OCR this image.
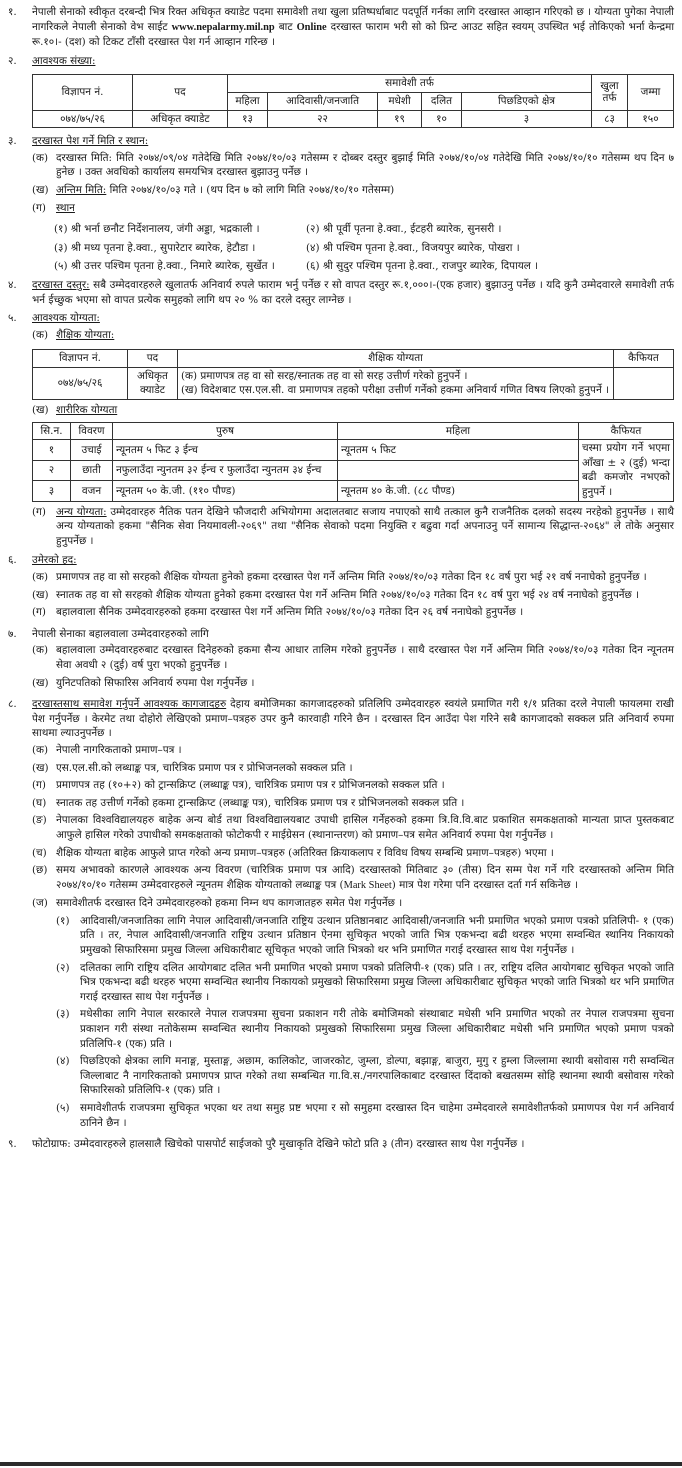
१.	नेपाली सेनाको स्वीकृत दरबन्दी भित्र रिक्त अधिकृत क्याडेट पदमा समावेशी तथा खुला प्रतिष्पर्धाबाट पदपूर्ति गर्नका लागि दरखास्त आव्हान गरिएको छ । योग्यता पुगेका नेपाली नागरिकले नेपाली सेनाको वेभ साईट www.nepalarmy.mil.np बाट Online दरखास्त फाराम भरी सो को प्रिन्ट आउट सहित स्वयम् उपस्थित भई तोकिएको भर्ना केन्द्रमा रू.१०।- (दश) को टिकट टाँसी दरखास्त पेश गर्न आव्हान गरिन्छ ।
२.	आवश्यक संख्या:
विज्ञापन नं.	पद	समावेशी तर्फ					खुला तर्फ	जम्मा
		महिला	आदिवासी/जनजाति	मधेशी	दलित	पिछडिएको क्षेत्र		
०७४/७५/२६	अधिकृत क्याडेट	१३	२२	१९	१०	३	८३	१५०
३.	दरखास्त पेश गर्ने मिति र स्थान:
(क) दरखास्त मिति: मिति २०७४/०९/०४ गतेदेखि मिति २०७४/१०/०३ गतेसम्म र दोब्बर दस्तुर बुझाई मिति २०७४/१०/०४ गतेदेखि मिति २०७४/१०/१० गतेसम्म थप दिन ७ हुनेछ । उक्त अवधिको कार्यालय समयभित्र दरखास्त बुझाउनु पर्नेछ ।
(ख) अन्तिम मिति: मिति २०७४/१०/०३ गते । (थप दिन ७ को लागि मिति २०७४/१०/१० गतेसम्म)
(ग) स्थान
(१) श्री भर्ना छनौट निर्देशनालय, जंगी अड्डा, भद्रकाली ।	(२) श्री पूर्वी पृतना हे.क्वा., ईटहरी ब्यारेक, सुनसरी ।
(३) श्री मध्य पृतना हे.क्वा., सुपारेटार ब्यारेक, हेटौडा ।	(४) श्री पश्चिम पृतना हे.क्वा., विजयपुर ब्यारेक, पोखरा ।
(५) श्री उत्तर पश्चिम पृतना हे.क्वा., निमारे ब्यारेक, सुर्खेत ।	(६) श्री सुदुर पश्चिम पृतना हे.क्वा., राजपुर ब्यारेक, दिपायल ।
४.	दरखास्त दस्तुर: सबै उम्मेदवारहरुले खुलातर्फ अनिवार्य रुपले फाराम भर्नु पर्नेछ र सो वापत दस्तुर रू.१,०००।-(एक हजार) बुझाउनु पर्नेछ । यदि कुनै उम्मेदवारले समावेशी तर्फ भर्न ईच्छुक भएमा सो वापत प्रत्येक समुहको लागि थप २० % का दरले दस्तुर लाग्नेछ ।
५.	आवश्यक योग्यता:
(क) शैक्षिक योग्यता:
विज्ञापन नं.	पद	शैक्षिक योग्यता	कैफियत
०७४/७५/२६	अधिकृत क्याडेट	(क) प्रमाणपत्र तह वा सो सरह/स्नातक तह वा सो सरह उत्तीर्ण गरेको हुनुपर्ने ।
(ख) विदेशबाट एस.एल.सी. वा प्रमाणपत्र तहको परीक्षा उत्तीर्ण गर्नेको हकमा अनिवार्य गणित विषय लिएको हुनुपर्ने ।	

(ख) शारीरिक योग्यता
सि.न.	विवरण	पुरुष	महिला	कैफियत
१	उचाई	न्यूनतम ५ फिट ३ ईन्च	न्यूनतम ५ फिट	चस्मा प्रयोग गर्ने भएमा आँखा ± २ (दुई) भन्दा बढी कमजोर नभएको हुनुपर्ने ।
२	छाती	नफुलाउँदा न्युनतम ३२ ईन्च र फुलाउँदा न्युनतम ३४ ईन्च		
३	वजन	न्यूनतम ५० के.जी. (११० पौण्ड)	न्यूनतम ४० के.जी. (८८ पौण्ड)	
(ग) अन्य योग्यता: उम्मेदवारहरु नैतिक पतन देखिने फौजदारी अभियोगमा अदालतबाट सजाय नपाएको साथै तत्काल कुनै राजनैतिक दलको सदस्य नरहेको हुनुपर्नेछ । साथै अन्य योग्यताको हकमा "सैनिक सेवा नियमावली-२०६९" तथा "सैनिक सेवाको पदमा नियुक्ति र बढुवा गर्दा अपनाउनु पर्ने सामान्य सिद्धान्त-२०६४" ले तोके अनुसार हुनुपर्नेछ ।
६.	उमेरको हद:
(क) प्रमाणपत्र तह वा सो सरहको शैक्षिक योग्यता हुनेको हकमा दरखास्त पेश गर्ने अन्तिम मिति २०७४/१०/०३ गतेका दिन १८ वर्ष पुरा भई २१ वर्ष ननाघेको हुनुपर्नेछ ।
(ख) स्नातक तह वा सो सरहको शैक्षिक योग्यता हुनेको हकमा दरखास्त पेश गर्ने अन्तिम मिति २०७४/१०/०३ गतेका दिन १८ वर्ष पुरा भई २४ वर्ष ननाघेको हुनुपर्नेछ ।
(ग) बहालवाला सैनिक उम्मेदवारहरुको हकमा दरखास्त पेश गर्ने अन्तिम मिति २०७४/१०/०३ गतेका दिन २६ वर्ष ननाघेको हुनुपर्नेछ ।
७.	नेपाली सेनाका बहालवाला उम्मेदवारहरुको लागि
(क) बहालवाला उम्मेदवारहरुबाट दरखास्त दिनेहरुको हकमा सैन्य आधार तालिम गरेको हुनुपर्नेछ । साथै दरखास्त पेश गर्ने अन्तिम मिति २०७४/१०/०३ गतेका दिन न्यूनतम सेवा अवधी २ (दुई) वर्ष पुरा भएको हुनुपर्नेछ ।
(ख) युनिटपतिको सिफारिस अनिवार्य रुपमा पेश गर्नुपर्नेछ ।
८.	दरखास्तसाथ समावेश गर्नुपर्ने आवश्यक कागजादहरु देहाय बमोजिमका कागजादहरुको प्रतिलिपि उम्मेदवारहरु स्वयंले प्रमाणित गरी १/१ प्रतिका दरले नेपाली फायलमा राखी पेश गर्नुपर्नेछ । केरमेट तथा दोहोरो लेखिएको प्रमाण–पत्रहरु उपर कुनै कारवाही गरिने छैन । दरखास्त दिन आउँदा पेश गरिने सबै कागजादको सक्कल प्रति अनिवार्य रुपमा साथमा ल्याउनुपर्नेछ ।
(क) नेपाली नागरिकताको प्रमाण–पत्र ।
(ख) एस.एल.सी.को लब्धाङ्क पत्र, चारित्रिक प्रमाण पत्र र प्रोभिजनलको सक्कल प्रति ।
(ग) प्रमाणपत्र तह (१०+२) को ट्रान्सक्रिप्ट (लब्धाङ्क पत्र), चारित्रिक प्रमाण पत्र र प्रोभिजनलको सक्कल प्रति ।
(घ) स्नातक तह उत्तीर्ण गर्नेको हकमा ट्रान्सक्रिप्ट (लब्धाङ्क पत्र), चारित्रिक प्रमाण पत्र र प्रोभिजनलको सक्कल प्रति ।
(ङ) नेपालका विश्वविद्यालयहरु बाहेक अन्य बोर्ड तथा विश्वविद्यालयबाट उपाधी हासिल गर्नेहरुको हकमा त्रि.वि.वि.बाट प्रकाशित समकक्षताको मान्यता प्राप्त पुस्तकबाट आफुले हासिल गरेको उपाधीको समकक्षताको फोटोकपी र माईग्रेसन (स्थानान्तरण) को प्रमाण–पत्र समेत अनिवार्य रुपमा पेश गर्नुपर्नेछ ।
(च) शैक्षिक योग्यता बाहेक आफुले प्राप्त गरेको अन्य प्रमाण–पत्रहरु (अतिरिक्त क्रियाकलाप र विविध विषय सम्बन्धि प्रमाण–पत्रहरु) भएमा ।
(छ) समय अभावको कारणले आवश्यक अन्य विवरण (चारित्रिक प्रमाण पत्र आदि) दरखास्तको मितिबाट ३० (तीस) दिन सम्म पेश गर्ने गरि दरखास्तको अन्तिम मिति २०७४/१०/१० गतेसम्म उम्मेदवारहरुले न्यूनतम शैक्षिक योग्यताको लब्धाङ्क पत्र (Mark Sheet) मात्र पेश गरेमा पनि दरखास्त दर्ता गर्न सकिनेछ ।
(ज) समावेशीतर्फ दरखास्त दिने उम्मेदवारहरुको हकमा निम्न थप कागजातहरु समेत पेश गर्नुपर्नेछ ।
(१)	आदिवासी/जनजातिका लागि नेपाल आदिवासी/जनजाति राष्ट्रिय उत्थान प्रतिष्ठानबाट आदिवासी/जनजाति भनी प्रमाणित भएको प्रमाण पत्रको प्रतिलिपी- १ (एक) प्रति । तर, नेपाल आदिवासी/जनजाति राष्ट्रिय उत्थान प्रतिष्ठान ऐनमा सुचिकृत भएको जाति भित्र एकभन्दा बढी थरहरु भएमा सम्वन्धित स्थानिय निकायको प्रमुखको सिफारिसमा प्रमुख जिल्ला अधिकारीबाट सूचिकृत भएको जाति भित्रको थर भनि प्रमाणित गराई दरखास्त साथ पेश गर्नुपर्नेछ ।
(२)	दलितका लागि राष्ट्रिय दलित आयोगबाट दलित भनी प्रमाणित भएको प्रमाण पत्रको प्रतिलिपी-१ (एक) प्रति । तर, राष्ट्रिय दलित आयोगबाट सुचिकृत भएको जाति भित्र एकभन्दा बढी थरहरु भएमा सम्वन्धित स्थानीय निकायको प्रमुखको सिफारिसमा प्रमुख जिल्ला अधिकारीबाट सुचिकृत भएको जाति भित्रको थर भनि प्रमाणित गराई दरखास्त साथ पेश गर्नुपर्नेछ ।
(३)	मधेसीका लागि नेपाल सरकारले नेपाल राजपत्रमा सुचना प्रकाशन गरी तोके बमोजिमको संस्थाबाट मधेसी भनि प्रमाणित भएको तर नेपाल राजपत्रमा सुचना प्रकाशन गरी संस्था नतोकेसम्म सम्वन्धित स्थानीय निकायको प्रमुखको सिफारिसमा प्रमुख जिल्ला अधिकारीबाट मधेसी भनि प्रमाणित भएको प्रमाण पत्रको प्रतिलिपि-१ (एक) प्रति ।
(४)	पिछडिएको क्षेत्रका लागि मनाङ्ग, मुस्ताङ्ग, अछाम, कालिकोट, जाजरकोट, जुम्ला, डोल्पा, बझाङ्ग, बाजुरा, मुगु र हुम्ला जिल्लामा स्थायी बसोवास गरी सम्वन्धित जिल्लाबाट नै नागरिकताको प्रमाणपत्र प्राप्त गरेको तथा सम्बन्धित गा.वि.स./नगरपालिकाबाट दरखास्त दिंदाको बखतसम्म सोहि स्थानमा स्थायी बसोवास गरेको सिफारिसको प्रतिलिपि-१ (एक) प्रति ।
(५)	समावेशीतर्फ राजपत्रमा सुचिकृत भएका थर तथा समुह प्रष्ट भएमा र सो समुहमा दरखास्त दिन चाहेमा उम्मेदवारले समावेशीतर्फको प्रमाणपत्र पेश गर्न अनिवार्य ठानिने छैन ।
९.	फोटोग्राफ: उम्मेदवारहरुले हालसालै खिचेको पासपोर्ट साईजको पुरै मुखाकृति देखिने फोटो प्रति ३ (तीन) दरखास्त साथ पेश गर्नुपर्नेछ ।
